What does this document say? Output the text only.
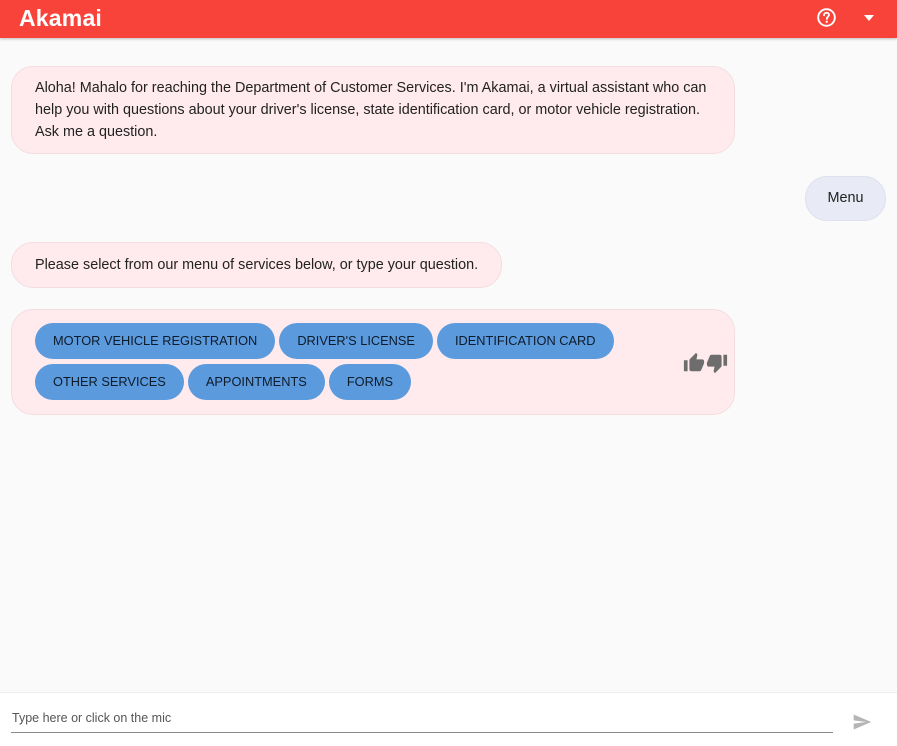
Akamai
Aloha! Mahalo for reaching the Department of Customer Services. I'm Akamai, a virtual assistant who can help you with questions about your driver's license, state identification card, or motor vehicle registration. Ask me a question.
Menu
Please select from our menu of services below, or type your question.
MOTOR VEHICLE REGISTRATION	DRIVER'S LICENSE	IDENTIFICATION CARD
OTHER SERVICES	APPOINTMENTS	FORMS
Type here or click on the mic
